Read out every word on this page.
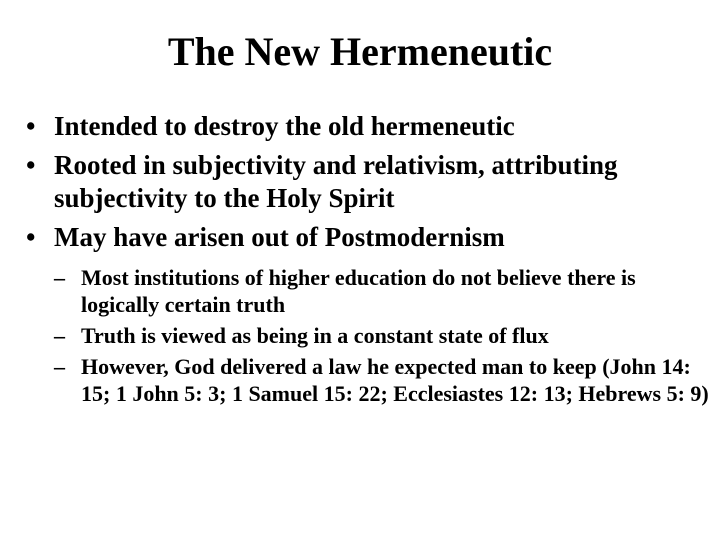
The New Hermeneutic
• Intended to destroy the old hermeneutic
• Rooted in subjectivity and relativism, attributing subjectivity to the Holy Spirit
• May have arisen out of Postmodernism
– Most institutions of higher education do not believe there is logically certain truth
– Truth is viewed as being in a constant state of flux
– However, God delivered a law he expected man to keep (John 14: 15; 1 John 5: 3; 1 Samuel 15: 22; Ecclesiastes 12: 13; Hebrews 5: 9)
